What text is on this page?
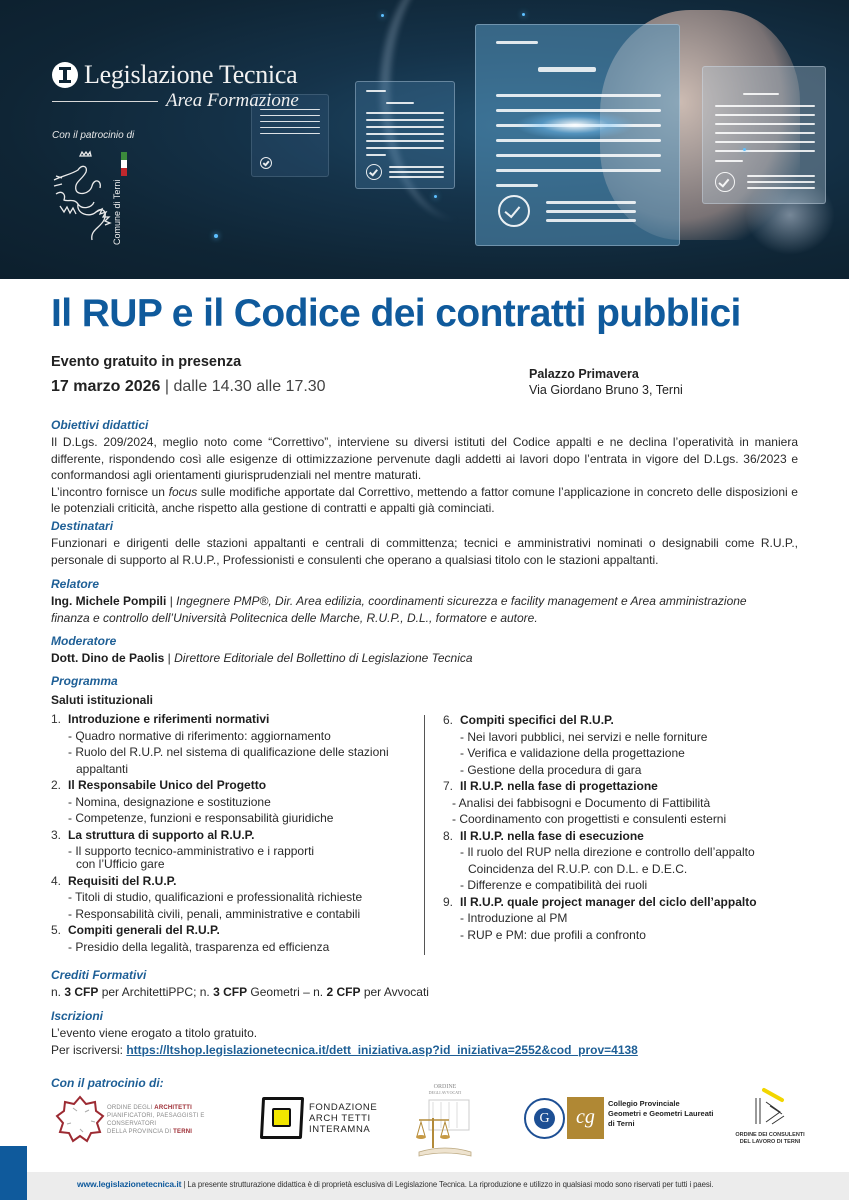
Legislazione Tecnica
Area Formazione
Con il patrocinio di
Comune di Terni
Il RUP e il Codice dei contratti pubblici
Evento gratuito in presenza
17 marzo 2026 | dalle 14.30 alle 17.30
Palazzo Primavera
Via Giordano Bruno 3, Terni
Obiettivi didattici
Il D.Lgs. 209/2024, meglio noto come “Correttivo”, interviene su diversi istituti del Codice appalti e ne declina l’operatività in maniera differente, rispondendo così alle esigenze di ottimizzazione pervenute dagli addetti ai lavori dopo l’entrata in vigore del D.Lgs. 36/2023 e conformandosi agli orientamenti giurisprudenziali nel mentre maturati.
L’incontro fornisce un focus sulle modifiche apportate dal Correttivo, mettendo a fattor comune l’applicazione in concreto delle disposizioni e le potenziali criticità, anche rispetto alla gestione di contratti e appalti già cominciati.
Destinatari
Funzionari e dirigenti delle stazioni appaltanti e centrali di committenza; tecnici e amministrativi nominati o designabili come R.U.P., personale di supporto al R.U.P., Professionisti e consulenti che operano a qualsiasi titolo con le stazioni appaltanti.
Relatore
Ing. Michele Pompili | Ingegnere PMP®, Dir. Area edilizia, coordinamenti sicurezza e facility management e Area amministrazione finanza e controllo dell’Università Politecnica delle Marche, R.U.P., D.L., formatore e autore.
Moderatore
Dott. Dino de Paolis | Direttore Editoriale del Bollettino di Legislazione Tecnica
Programma
Saluti istituzionali
1. Introduzione e riferimenti normativi
- Quadro normative di riferimento: aggiornamento
- Ruolo del R.U.P. nel sistema di qualificazione delle stazioni
appaltanti
2. Il Responsabile Unico del Progetto
- Nomina, designazione e sostituzione
- Competenze, funzioni e responsabilità giuridiche
3. La struttura di supporto al R.U.P.
- Il supporto tecnico-amministrativo e i rapporti
con l’Ufficio gare
4. Requisiti del R.U.P.
- Titoli di studio, qualificazioni e professionalità richieste
- Responsabilità civili, penali, amministrative e contabili
5. Compiti generali del R.U.P.
- Presidio della legalità, trasparenza ed efficienza
6. Compiti specifici del R.U.P.
- Nei lavori pubblici, nei servizi e nelle forniture
- Verifica e validazione della progettazione
- Gestione della procedura di gara
7. Il R.U.P. nella fase di progettazione
- Analisi dei fabbisogni e Documento di Fattibilità
- Coordinamento con progettisti e consulenti esterni
8. Il R.U.P. nella fase di esecuzione
- Il ruolo del RUP nella direzione e controllo dell’appalto
Coincidenza del R.U.P. con D.L. e D.E.C.
- Differenze e compatibilità dei ruoli
9. Il R.U.P. quale project manager del ciclo dell’appalto
- Introduzione al PM
- RUP e PM: due profili a confronto
Crediti Formativi
n. 3 CFP per ArchitettiPPC; n. 3 CFP Geometri – n. 2 CFP per Avvocati
Iscrizioni
L’evento viene erogato a titolo gratuito.
Per iscriversi: https://ltshop.legislazionetecnica.it/dett_iniziativa.asp?id_iniziativa=2552&cod_prov=4138
Con il patrocinio di:
ORDINE DEGLI ARCHITETTI
PIANIFICATORI, PAESAGGISTI E CONSERVATORI
DELLA PROVINCIA DI TERNI
FONDAZIONE
ARCH TETTI
INTERAMNA
ORDINE
DEGLI AVVOCATI
G	cg
Collegio Provinciale
Geometri e Geometri Laureati
di Terni
ORDINE DEI CONSULENTI
DEL LAVORO DI TERNI
www.legislazionetecnica.it | La presente strutturazione didattica è di proprietà esclusiva di Legislazione Tecnica. La riproduzione e utilizzo in qualsiasi modo sono riservati per tutti i paesi.
